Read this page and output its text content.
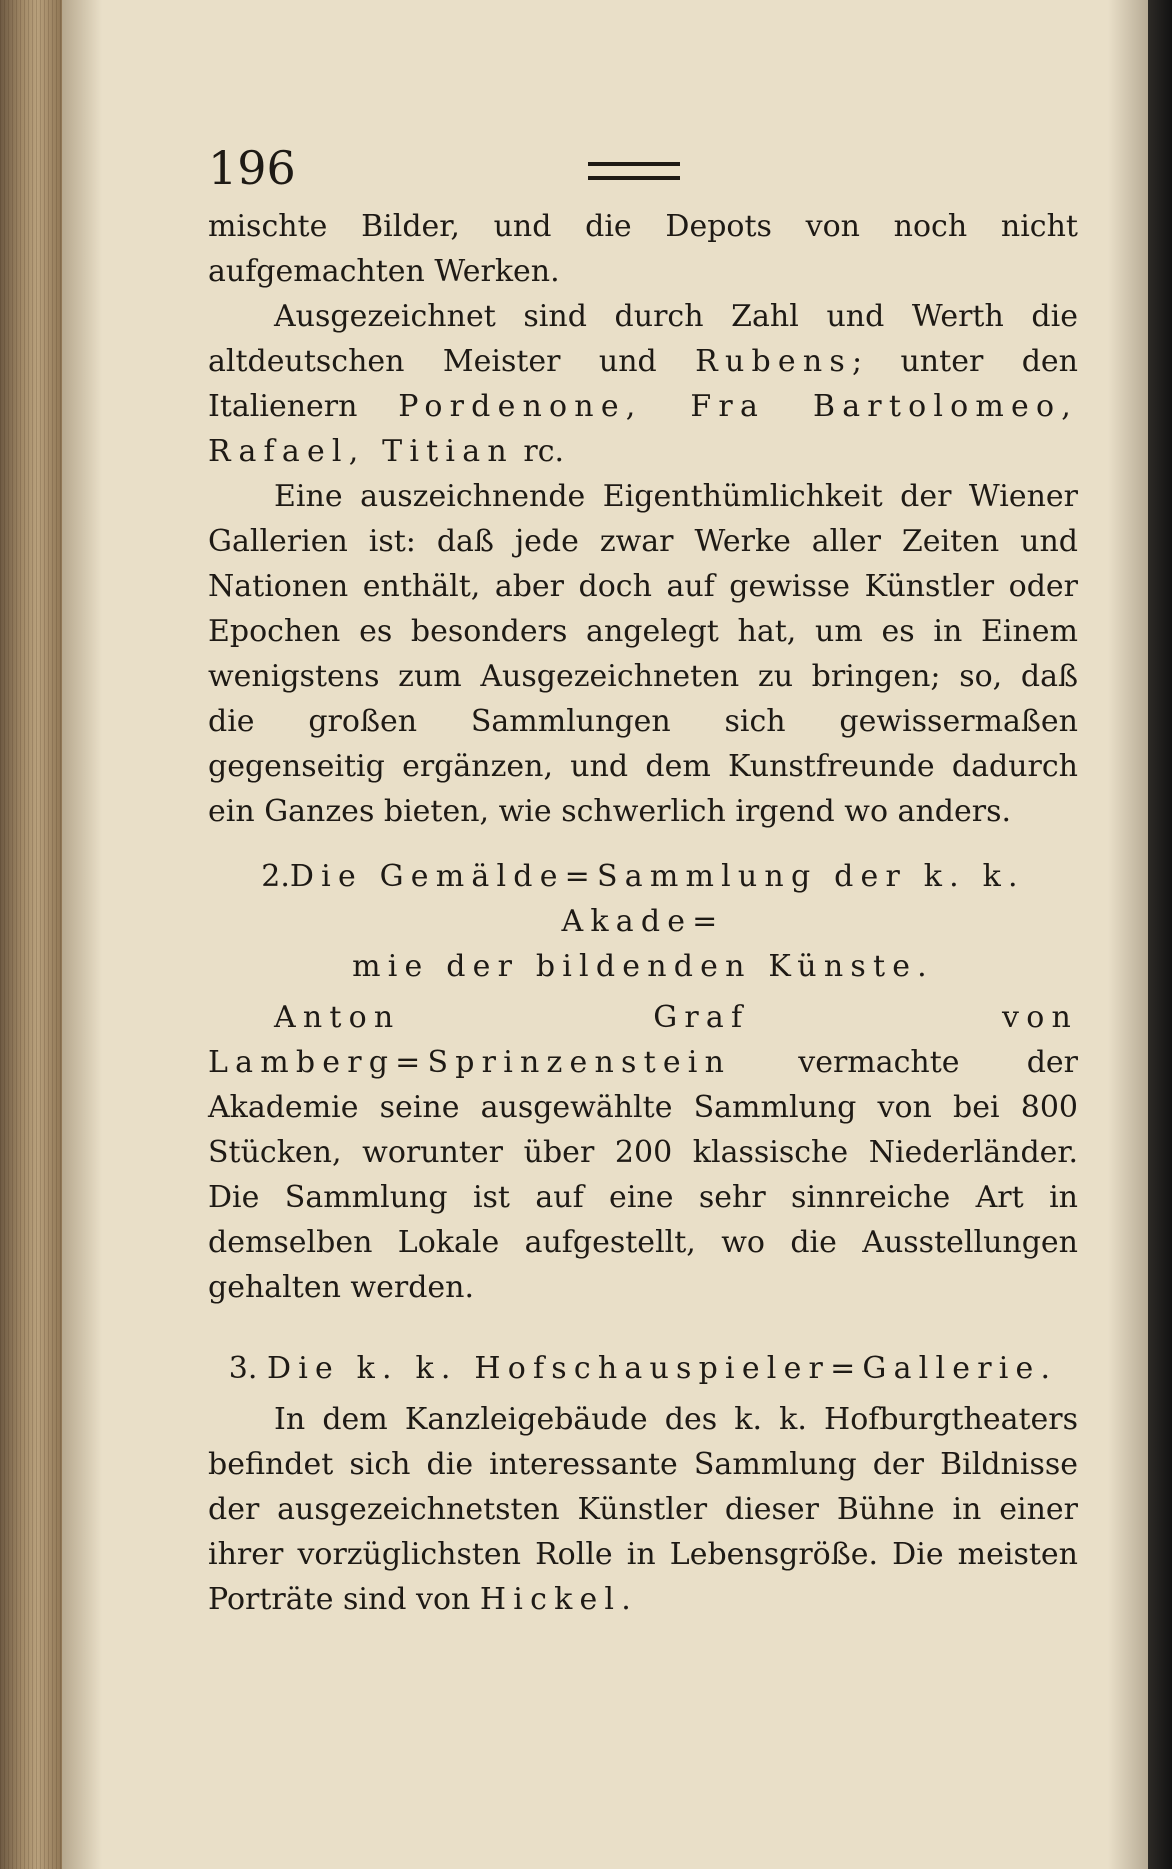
196

mischte Bilder, und die Depots von noch nicht aufgemachten Werken.

Ausgezeichnet sind durch Zahl und Werth die altdeutschen Meister und Rubens; unter den Italienern Pordenone, Fra Bartolomeo, Rafael, Titian rc.

Eine auszeichnende Eigenthümlichkeit der Wiener Gallerien ist: daß jede zwar Werke aller Zeiten und Nationen enthält, aber doch auf gewisse Künstler oder Epochen es besonders angelegt hat, um es in Einem wenigstens zum Ausgezeichneten zu bringen; so, daß die großen Sammlungen sich gewissermaßen gegenseitig ergänzen, und dem Kunstfreunde dadurch ein Ganzes bieten, wie schwerlich irgend wo anders.

2.Die Gemälde=Sammlung der k. k. Akade=
mie der bildenden Künste.

Anton Graf von Lamberg=Sprinzenstein vermachte der Akademie seine ausgewählte Sammlung von bei 800 Stücken, worunter über 200 klassische Niederländer. Die Sammlung ist auf eine sehr sinnreiche Art in demselben Lokale aufgestellt, wo die Ausstellungen gehalten werden.

3. Die k. k. Hofschauspieler=Gallerie.

In dem Kanzleigebäude des k. k. Hofburgtheaters befindet sich die interessante Sammlung der Bildnisse der ausgezeichnetsten Künstler dieser Bühne in einer ihrer vorzüglichsten Rolle in Lebensgröße. Die meisten Porträte sind von Hickel.
